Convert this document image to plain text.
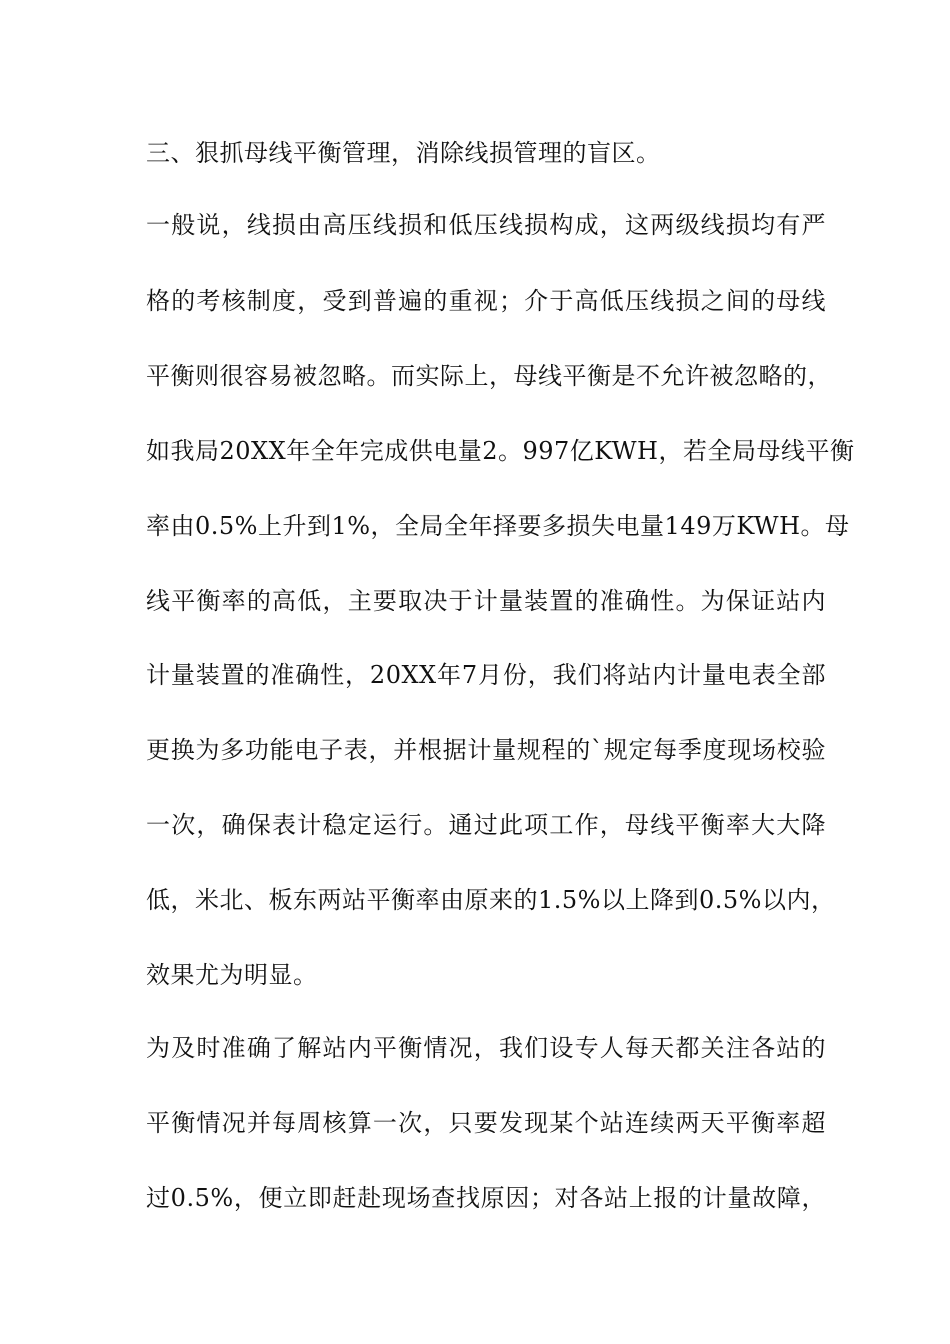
三、狠抓母线平衡管理，消除线损管理的盲区。
一般说，线损由高压线损和低压线损构成，这两级线损均有严
格的考核制度，受到普遍的重视；介于高低压线损之间的母线
平衡则很容易被忽略。而实际上，母线平衡是不允许被忽略的，
如我局20XX年全年完成供电量2。997亿KWH，若全局母线平衡
率由0.5%上升到1%，全局全年择要多损失电量149万KWH。母
线平衡率的高低，主要取决于计量装置的准确性。为保证站内
计量装置的准确性，20XX年7月份，我们将站内计量电表全部
更换为多功能电子表，并根据计量规程的`规定每季度现场校验
一次，确保表计稳定运行。通过此项工作，母线平衡率大大降
低，米北、板东两站平衡率由原来的1.5%以上降到0.5%以内，
效果尤为明显。
为及时准确了解站内平衡情况，我们设专人每天都关注各站的
平衡情况并每周核算一次，只要发现某个站连续两天平衡率超
过0.5%，便立即赶赴现场查找原因；对各站上报的计量故障，
